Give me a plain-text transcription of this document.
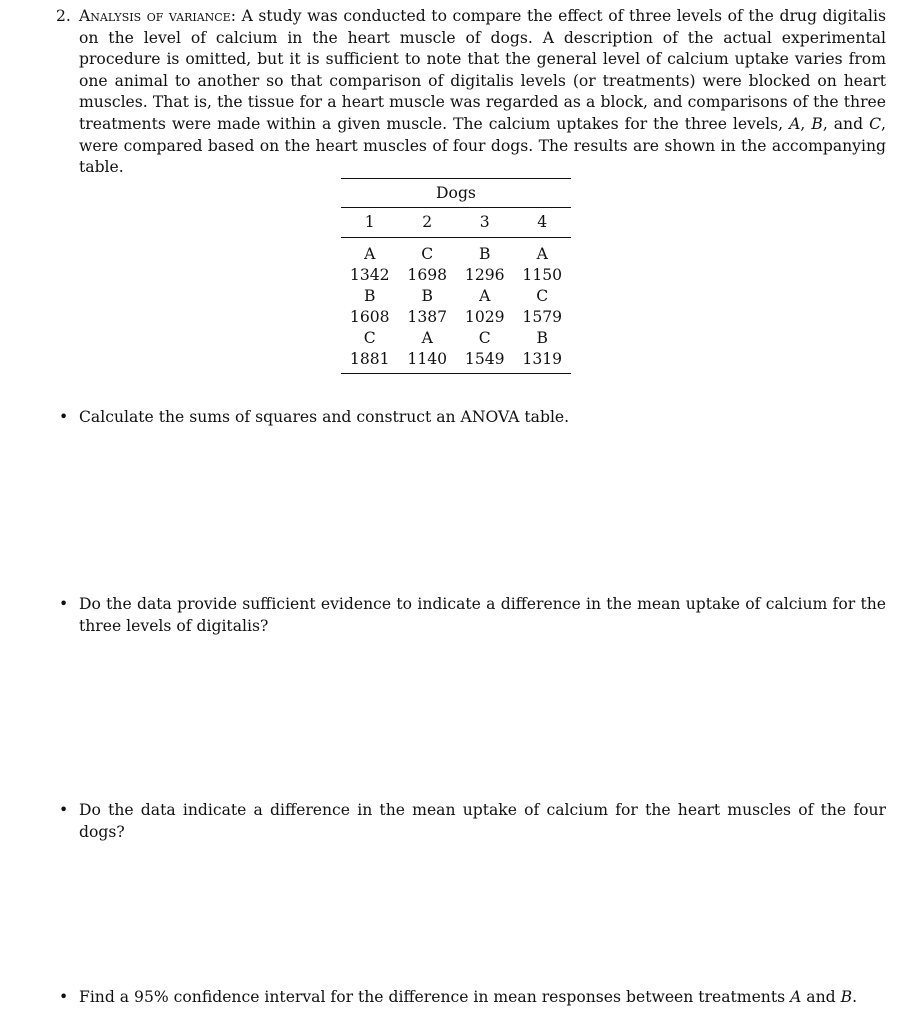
2. Analysis of variance: A study was conducted to compare the effect of three levels of the drug digitalis on the level of calcium in the heart muscle of dogs. A description of the actual experimental procedure is omitted, but it is sufficient to note that the general level of calcium uptake varies from one animal to another so that comparison of digitalis levels (or treatments) were blocked on heart muscles. That is, the tissue for a heart muscle was regarded as a block, and comparisons of the three treatments were made within a given muscle. The calcium uptakes for the three levels, A, B, and C, were compared based on the heart muscles of four dogs. The results are shown in the accompanying table.
Dogs			
1	2	3	4
A	C	B	A
1342	1698	1296	1150
B	B	A	C
1608	1387	1029	1579
C	A	C	B
1881	1140	1549	1319
• Calculate the sums of squares and construct an ANOVA table.
• Do the data provide sufficient evidence to indicate a difference in the mean uptake of calcium for the three levels of digitalis?
• Do the data indicate a difference in the mean uptake of calcium for the heart muscles of the four dogs?
• Find a 95% confidence interval for the difference in mean responses between treatments A and B.
